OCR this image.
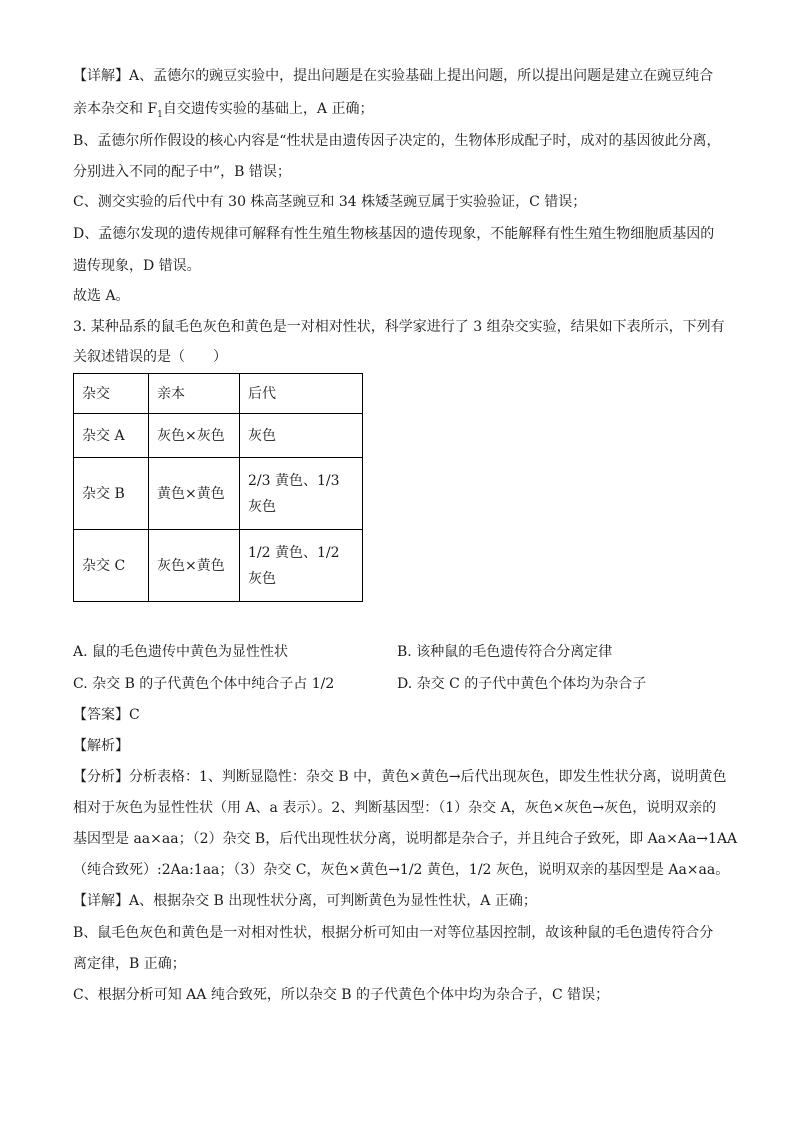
【详解】A、孟德尔的豌豆实验中，提出问题是在实验基础上提出问题，所以提出问题是建立在豌豆纯合
亲本杂交和 $F_1$自交遗传实验的基础上，A 正确；
B、孟德尔所作假设的核心内容是“性状是由遗传因子决定的，生物体形成配子时，成对的基因彼此分离，
分别进入不同的配子中”，B 错误；
C、测交实验的后代中有 30 株高茎豌豆和 34 株矮茎豌豆属于实验验证，C 错误；
D、孟德尔发现的遗传规律可解释有性生殖生物核基因的遗传现象，不能解释有性生殖生物细胞质基因的
遗传现象，D 错误。
故选 A。
3. 某种品系的鼠毛色灰色和黄色是一对相对性状，科学家进行了 3 组杂交实验，结果如下表所示，下列有
关叙述错误的是（　　）
杂交	亲本	后代
杂交 A	灰色×灰色	灰色
杂交 B	黄色×黄色	2/3 黄色、1/3 灰色
杂交 C	灰色×黄色	1/2 黄色、1/2 灰色
A. 鼠的毛色遗传中黄色为显性性状	B. 该种鼠的毛色遗传符合分离定律
C. 杂交 B 的子代黄色个体中纯合子占 1/2	D. 杂交 C 的子代中黄色个体均为杂合子
【答案】C
【解析】
【分析】分析表格：1、判断显隐性：杂交 B 中，黄色×黄色→后代出现灰色，即发生性状分离，说明黄色
相对于灰色为显性性状（用 A、a 表示）。2、判断基因型：（1）杂交 A，灰色×灰色→灰色，说明双亲的
基因型是 aa×aa；（2）杂交 B，后代出现性状分离，说明都是杂合子，并且纯合子致死，即 Aa×Aa→1AA
（纯合致死）:2Aa:1aa；（3）杂交 C，灰色×黄色→1/2 黄色，1/2 灰色，说明双亲的基因型是 Aa×aa。
【详解】A、根据杂交 B 出现性状分离，可判断黄色为显性性状，A 正确；
B、鼠毛色灰色和黄色是一对相对性状，根据分析可知由一对等位基因控制，故该种鼠的毛色遗传符合分
离定律，B 正确；
C、根据分析可知 AA 纯合致死，所以杂交 B 的子代黄色个体中均为杂合子，C 错误；
